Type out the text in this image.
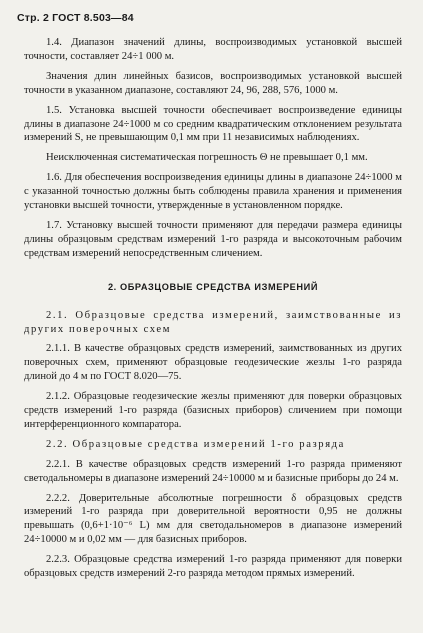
Стр. 2 ГОСТ 8.503—84

1.4. Диапазон значений длины, воспроизводимых установкой высшей точности, составляет 24÷1 000 м.

Значения длин линейных базисов, воспроизводимых установкой высшей точности в указанном диапазоне, составляют 24, 96, 288, 576, 1000 м.

1.5. Установка высшей точности обеспечивает воспроизведение единицы длины в диапазоне 24÷1000 м со средним квадратическим отклонением результата измерений S, не превышающим 0,1 мм при 11 независимых наблюдениях.

Неисключенная систематическая погрешность Θ не превышает 0,1 мм.

1.6. Для обеспечения воспроизведения единицы длины в диапазоне 24÷1000 м с указанной точностью должны быть соблюдены правила хранения и применения установки высшей точности, утвержденные в установленном порядке.

1.7. Установку высшей точности применяют для передачи размера единицы длины образцовым средствам измерений 1-го разряда и высокоточным рабочим средствам измерений непосредственным сличением.

2. ОБРАЗЦОВЫЕ СРЕДСТВА ИЗМЕРЕНИЙ

2.1. Образцовые средства измерений, заимствованные из других поверочных схем

2.1.1. В качестве образцовых средств измерений, заимствованных из других поверочных схем, применяют образцовые геодезические жезлы 1-го разряда длиной до 4 м по ГОСТ 8.020—75.

2.1.2. Образцовые геодезические жезлы применяют для поверки образцовых средств измерений 1-го разряда (базисных приборов) сличением при помощи интерференционного компаратора.

2.2. Образцовые средства измерений 1-го разряда

2.2.1. В качестве образцовых средств измерений 1-го разряда применяют светодальномеры в диапазоне измерений 24÷10000 м и базисные приборы до 24 м.

2.2.2. Доверительные абсолютные погрешности δ образцовых средств измерений 1-го разряда при доверительной вероятности 0,95 не должны превышать (0,6+1·10⁻⁶ L) мм для светодальномеров в диапазоне измерений 24÷10000 м и 0,02 мм — для базисных приборов.

2.2.3. Образцовые средства измерений 1-го разряда применяют для поверки образцовых средств измерений 2-го разряда методом прямых измерений.
